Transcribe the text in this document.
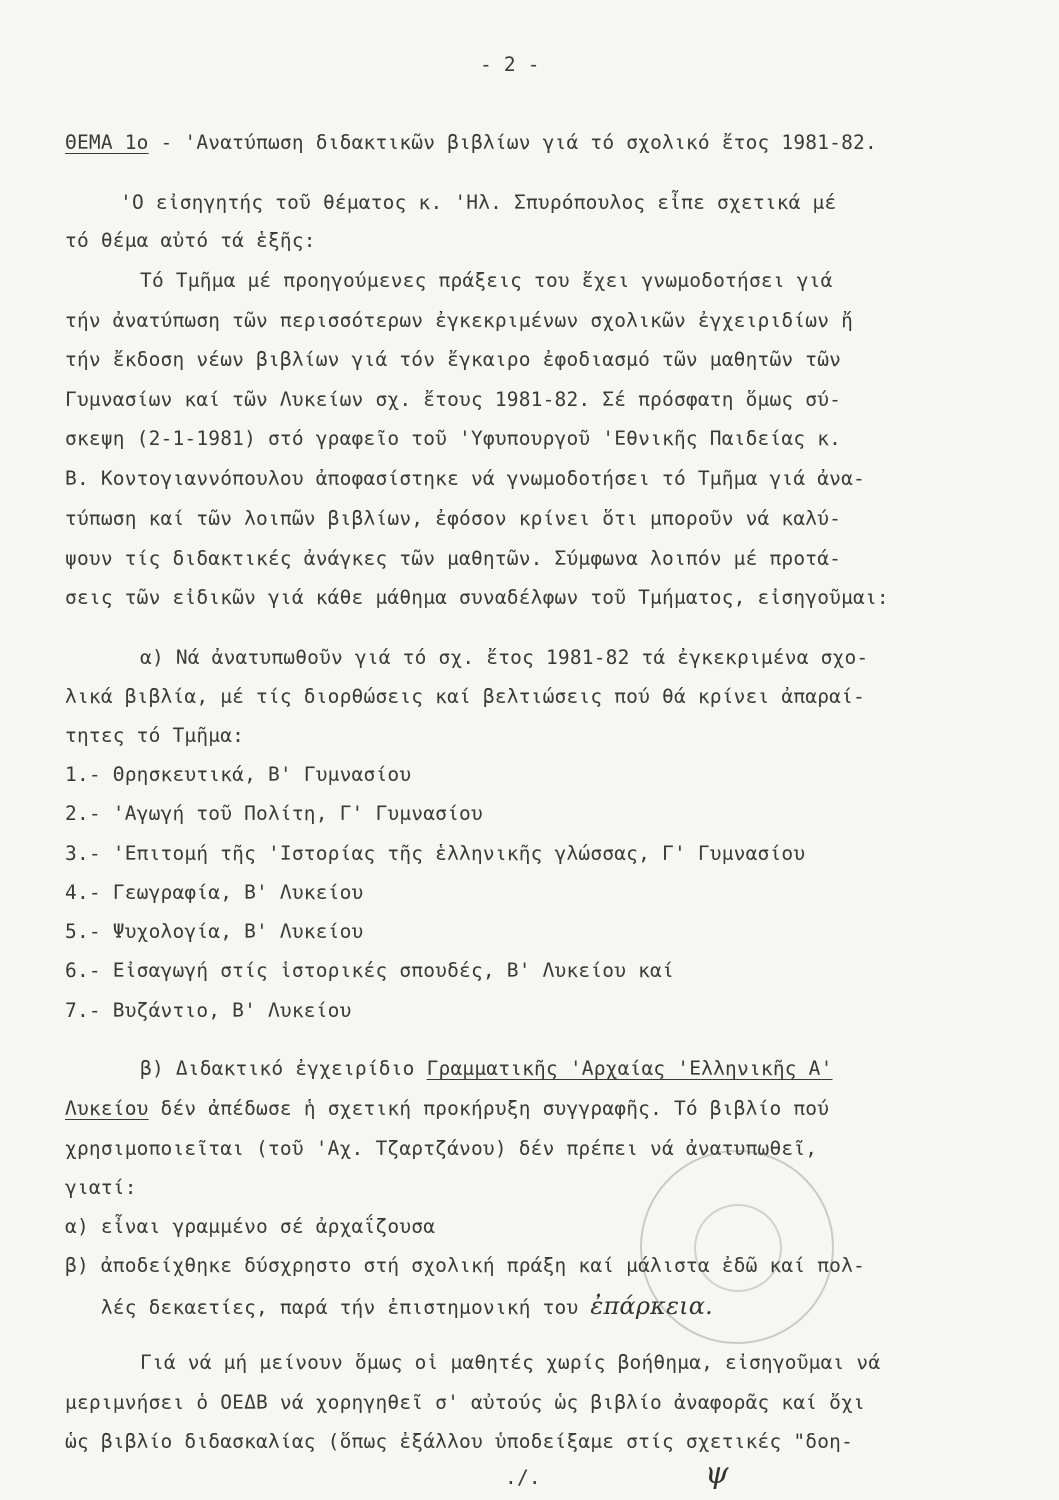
- 2 -
ΘΕΜΑ 1ο - 'Ανατύπωση διδακτικῶν βιβλίων γιά τό σχολικό ἔτος 1981-82.
'Ο εἰσηγητής τοῦ θέματος κ. 'Ηλ. Σπυρόπουλος εἶπε σχετικά μέ
τό θέμα αὐτό τά ἑξῆς:
Τό Τμῆμα μέ προηγούμενες πράξεις του ἔχει γνωμοδοτήσει γιά
τήν ἀνατύπωση τῶν περισσότερων ἐγκεκριμένων σχολικῶν ἐγχειριδίων ἤ
τήν ἔκδοση νέων βιβλίων γιά τόν ἔγκαιρο ἐφοδιασμό τῶν μαθητῶν τῶν
Γυμνασίων καί τῶν Λυκείων σχ. ἔτους 1981-82. Σέ πρόσφατη ὅμως σύ-
σκεψη (2-1-1981) στό γραφεῖο τοῦ 'Υφυπουργοῦ 'Εθνικῆς Παιδείας κ.
Β. Κοντογιαννόπουλου ἀποφασίστηκε νά γνωμοδοτήσει τό Τμῆμα γιά ἀνα-
τύπωση καί τῶν λοιπῶν βιβλίων, ἐφόσον κρίνει ὅτι μποροῦν νά καλύ-
ψουν τίς διδακτικές ἀνάγκες τῶν μαθητῶν. Σύμφωνα λοιπόν μέ προτά-
σεις τῶν εἰδικῶν γιά κάθε μάθημα συναδέλφων τοῦ Τμήματος, εἰσηγοῦμαι:
α) Νά ἀνατυπωθοῦν γιά τό σχ. ἔτος 1981-82 τά ἐγκεκριμένα σχο-
λικά βιβλία, μέ τίς διορθώσεις καί βελτιώσεις πού θά κρίνει ἀπαραί-
τητες τό Τμῆμα:
1.- Θρησκευτικά, Β' Γυμνασίου
2.- 'Αγωγή τοῦ Πολίτη, Γ' Γυμνασίου
3.- 'Επιτομή τῆς 'Ιστορίας τῆς ἑλληνικῆς γλώσσας, Γ' Γυμνασίου
4.- Γεωγραφία, Β' Λυκείου
5.- Ψυχολογία, Β' Λυκείου
6.- Εἰσαγωγή στίς ἱστορικές σπουδές, Β' Λυκείου καί
7.- Βυζάντιο, Β' Λυκείου
β) Διδακτικό ἐγχειρίδιο Γραμματικῆς 'Αρχαίας 'Ελληνικῆς Α'
Λυκείου δέν ἀπέδωσε ἡ σχετική προκήρυξη συγγραφῆς. Τό βιβλίο πού
χρησιμοποιεῖται (τοῦ 'Αχ. Τζαρτζάνου) δέν πρέπει νά ἀνατυπωθεῖ,
γιατί:
α) εἶναι γραμμένο σέ ἀρχαΐζουσα
β) ἀποδείχθηκε δύσχρηστο στή σχολική πράξη καί μάλιστα ἐδῶ καί πολ-
λές δεκαετίες, παρά τήν ἐπιστημονική του ἐπάρκεια.
Γιά νά μή μείνουν ὅμως οἱ μαθητές χωρίς βοήθημα, εἰσηγοῦμαι νά
μεριμνήσει ὁ ΟΕΔΒ νά χορηγηθεῖ σ' αὐτούς ὡς βιβλίο ἀναφορᾶς καί ὄχι
ὡς βιβλίο διδασκαλίας (ὅπως ἐξάλλου ὑποδείξαμε στίς σχετικές "δοη-
./.	ψ
